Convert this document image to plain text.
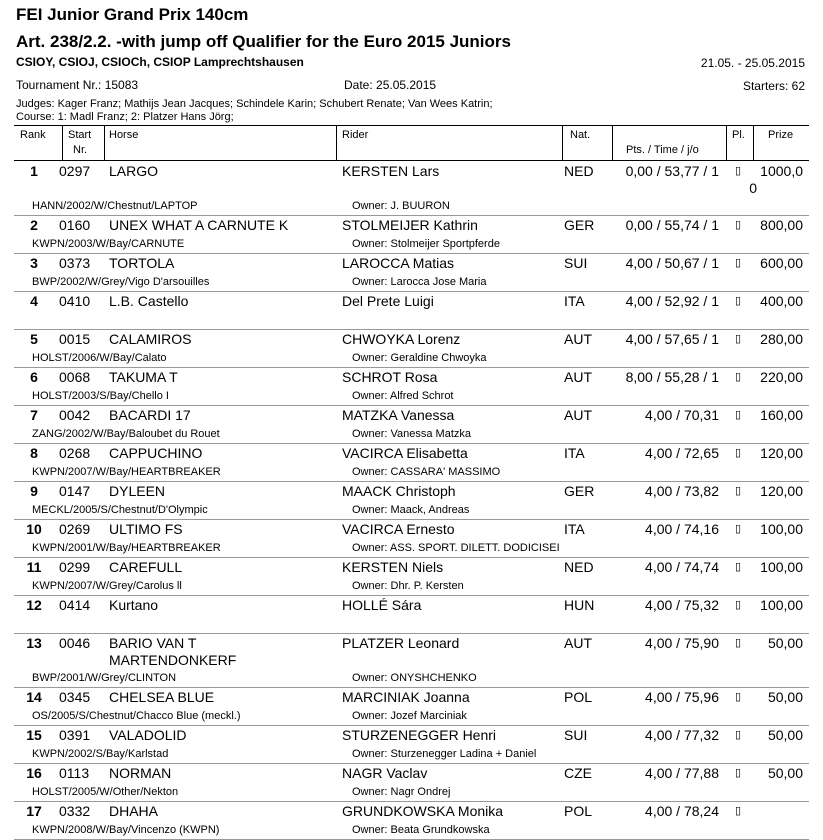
FEI Junior Grand Prix 140cm
Art. 238/2.2. -with jump off Qualifier for the Euro 2015 Juniors
CSIOY, CSIOJ, CSIOCh, CSIOP Lamprechtshausen	21.05. - 25.05.2015
Tournament Nr.: 15083	Date: 25.05.2015	Starters: 62
Judges: Kager Franz; Mathijs Jean Jacques; Schindele Karin; Schubert Renate; Van Wees Katrin;
Course: 1: Madl Franz; 2: Platzer Hans Jörg;
Rank Start
Nr.
Horse	Rider	Nat.
Pts. / Time / j/o
Pl. Prize
1	0297 LARGO	KERSTEN Lars	NED 0,00 / 53,77 / 1 ▯ 1000,0
0
HANN/2002/W/Chestnut/LAPTOP	Owner: J. BUURON
2	0160 UNEX WHAT A CARNUTE K	STOLMEIJER Kathrin	GER 0,00 / 55,74 / 1 ▯ 800,00
KWPN/2003/W/Bay/CARNUTE	Owner: Stolmeijer Sportpferde
3	0373 TORTOLA	LAROCCA Matias	SUI	4,00 / 50,67 / 1 ▯ 600,00
BWP/2002/W/Grey/Vigo D'arsouilles	Owner: Larocca Jose Maria
4	0410 L.B. Castello	Del Prete Luigi	ITA	4,00 / 52,92 / 1 ▯ 400,00
5	0015 CALAMIROS	CHWOYKA Lorenz	AUT 4,00 / 57,65 / 1 ▯ 280,00
HOLST/2006/W/Bay/Calato	Owner: Geraldine Chwoyka
6	0068 TAKUMA T	SCHROT Rosa	AUT 8,00 / 55,28 / 1 ▯ 220,00
HOLST/2003/S/Bay/Chello I	Owner: Alfred Schrot
7	0042 BACARDI 17	MATZKA Vanessa	AUT	4,00 / 70,31 ▯ 160,00
ZANG/2002/W/Bay/Baloubet du Rouet	Owner: Vanessa Matzka
8	0268 CAPPUCHINO	VACIRCA Elisabetta	ITA	4,00 / 72,65 ▯ 120,00
KWPN/2007/W/Bay/HEARTBREAKER	Owner: CASSARA' MASSIMO
9	0147 DYLEEN	MAACK Christoph	GER	4,00 / 73,82 ▯ 120,00
MECKL/2005/S/Chestnut/D'Olympic	Owner: Maack, Andreas
10	0269 ULTIMO FS	VACIRCA Ernesto	ITA	4,00 / 74,16 ▯ 100,00
KWPN/2001/W/Bay/HEARTBREAKER	Owner: ASS. SPORT. DILETT. DODICISEI
11	0299 CAREFULL	KERSTEN Niels	NED	4,00 / 74,74 ▯ 100,00
KWPN/2007/W/Grey/Carolus ll	Owner: Dhr. P. Kersten
12	0414 Kurtano	HOLLÉ Sára	HUN	4,00 / 75,32 ▯ 100,00
13	0046 BARIO VAN T	PLATZER Leonard	AUT	4,00 / 75,90 ▯ 50,00
MARTENDONKERF
BWP/2001/W/Grey/CLINTON	Owner: ONYSHCHENKO
14	0345 CHELSEA BLUE	MARCINIAK Joanna	POL	4,00 / 75,96 ▯ 50,00
OS/2005/S/Chestnut/Chacco Blue (meckl.)	Owner: Jozef Marciniak
15	0391 VALADOLID	STURZENEGGER Henri	SUI	4,00 / 77,32 ▯ 50,00
KWPN/2002/S/Bay/Karlstad	Owner: Sturzenegger Ladina + Daniel
16	0113 NORMAN	NAGR Vaclav	CZE	4,00 / 77,88 ▯ 50,00
HOLST/2005/W/Other/Nekton	Owner: Nagr Ondrej
17	0332 DHAHA	GRUNDKOWSKA Monika	POL	4,00 / 78,24 ▯
KWPN/2008/W/Bay/Vincenzo (KWPN)	Owner: Beata Grundkowska
